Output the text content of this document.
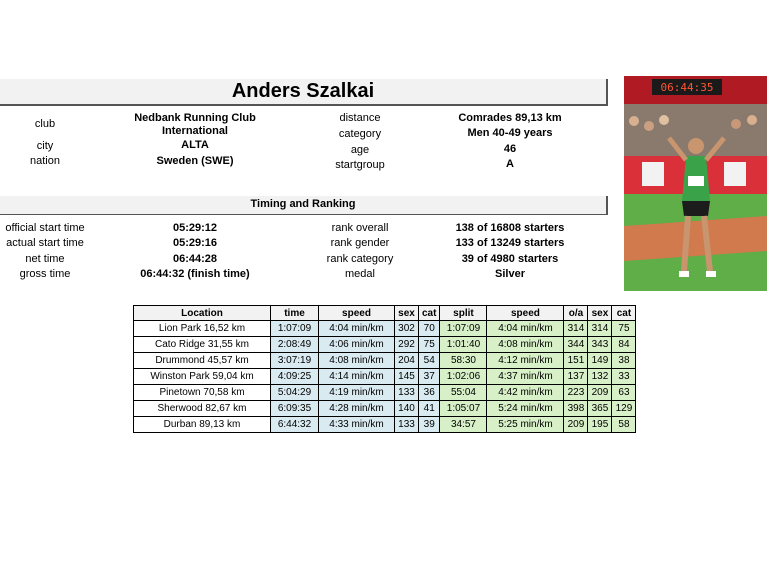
Anders Szalkai
club	Nedbank Running Club International
city	ALTA
nation	Sweden (SWE)
distance	Comrades 89,13 km
category	Men 40-49 years
age	46
startgroup	A
Timing and Ranking
official start time	05:29:12
actual start time	05:29:16
net time	06:44:28
gross time	06:44:32 (finish time)
rank overall	138 of 16808 starters
rank gender	133 of 13249 starters
rank category	39 of 4980 starters
medal	Silver
06:44:35
Location	time	speed	sex	cat	split	speed	o/a	sex	cat
Lion Park 16,52 km	1:07:09	4:04 min/km	302	70	1:07:09	4:04 min/km	314	314	75
Cato Ridge 31,55 km	2:08:49	4:06 min/km	292	75	1:01:40	4:08 min/km	344	343	84
Drummond 45,57 km	3:07:19	4:08 min/km	204	54	58:30	4:12 min/km	151	149	38
Winston Park 59,04 km	4:09:25	4:14 min/km	145	37	1:02:06	4:37 min/km	137	132	33
Pinetown 70,58 km	5:04:29	4:19 min/km	133	36	55:04	4:42 min/km	223	209	63
Sherwood 82,67 km	6:09:35	4:28 min/km	140	41	1:05:07	5:24 min/km	398	365	129
Durban 89,13 km	6:44:32	4:33 min/km	133	39	34:57	5:25 min/km	209	195	58
